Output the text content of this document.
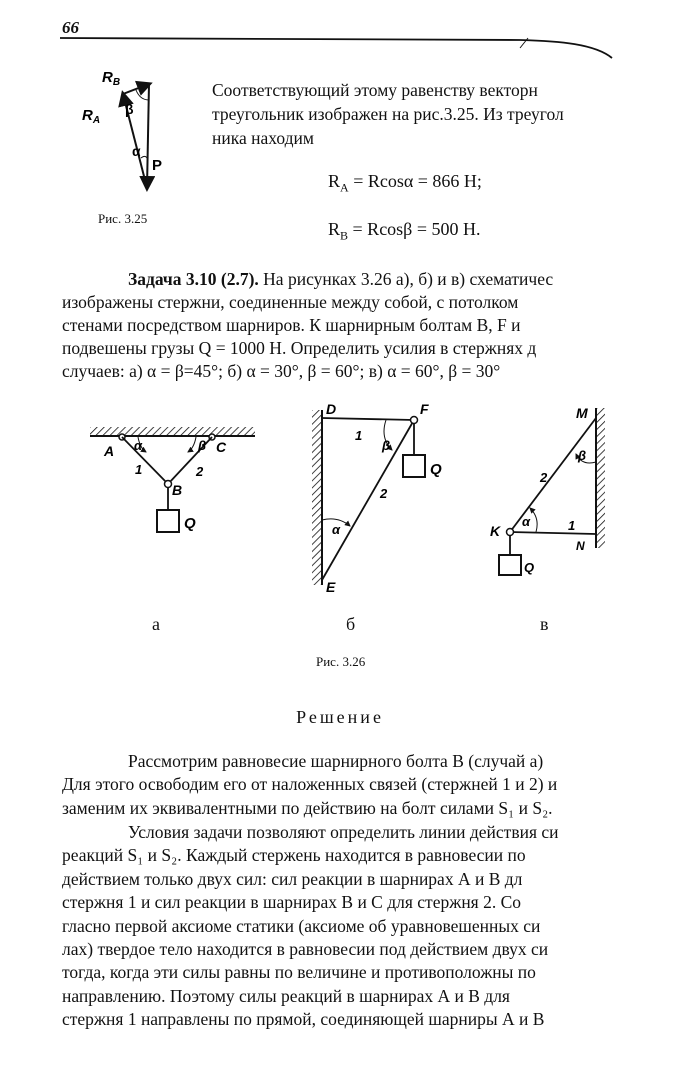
66
$R_B$
$R_A$
β
α
P
Рис. 3.25
Соответствующий этому равенству векторн
треугольник изображен на рис.3.25. Из треугол
ника находим
$R_A = Rcos\alpha = 866$ Н;
$R_B = Rcos\beta = 500$ Н.
Задача 3.10 (2.7). На рисунках 3.26 а), б) и в) схематичес
изображены стержни, соединенные между собой, с потолком
стенами посредством шарниров. К шарнирным болтам B, F и
подвешены грузы Q = 1000 Н. Определить усилия в стержнях д
случаев: а) α = β=45°; б) α = 30°, β = 60°; в) α = 60°, β = 30°
A	C
B
α	β
1	2
Q
D	F
E
α
β
1
2
Q
M
K
N
α
β
1
2
Q
а	б	в
Рис. 3.26
Решение
Рассмотрим равновесие шарнирного болта В (случай а)
Для этого освободим его от наложенных связей (стержней 1 и 2) и
заменим их эквивалентными по действию на болт силами S₁ и S₂.
Условия задачи позволяют определить линии действия си
реакций S₁ и S₂. Каждый стержень находится в равновесии по
действием только двух сил: сил реакции в шарнирах А и В дл
стержня 1 и сил реакции в шарнирах В и С для стержня 2. Со
гласно первой аксиоме статики (аксиоме об уравновешенных си
лах) твердое тело находится в равновесии под действием двух си
тогда, когда эти силы равны по величине и противоположны по
направлению. Поэтому силы реакций в шарнирах А и В для
стержня 1 направлены по прямой, соединяющей шарниры А и В
